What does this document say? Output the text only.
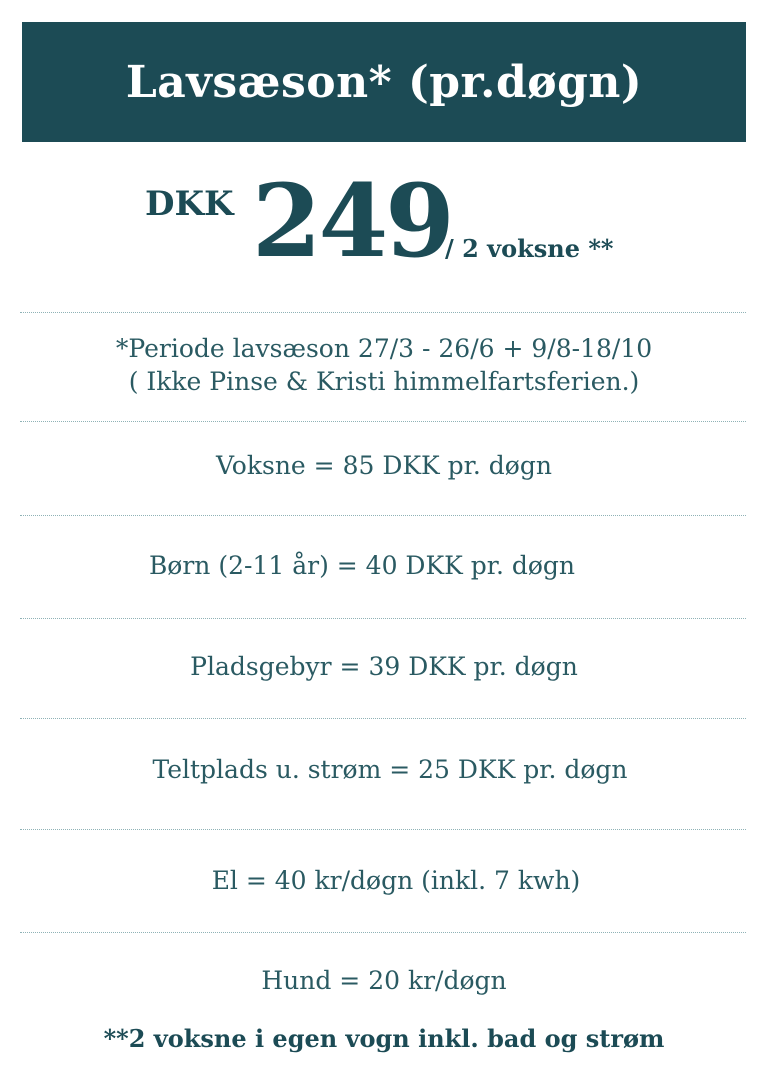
Lavsæson* (pr.døgn)
DKK 249
/ 2 voksne **
*Periode lavsæson 27/3 - 26/6 + 9/8-18/10
( Ikke Pinse & Kristi himmelfartsferien.)
Voksne = 85 DKK pr. døgn
Børn (2-11 år) = 40 DKK pr. døgn
Pladsgebyr = 39 DKK pr. døgn
Teltplads u. strøm = 25 DKK pr. døgn
El = 40 kr/døgn (inkl. 7 kwh)
Hund = 20 kr/døgn
**2 voksne i egen vogn inkl. bad og strøm
